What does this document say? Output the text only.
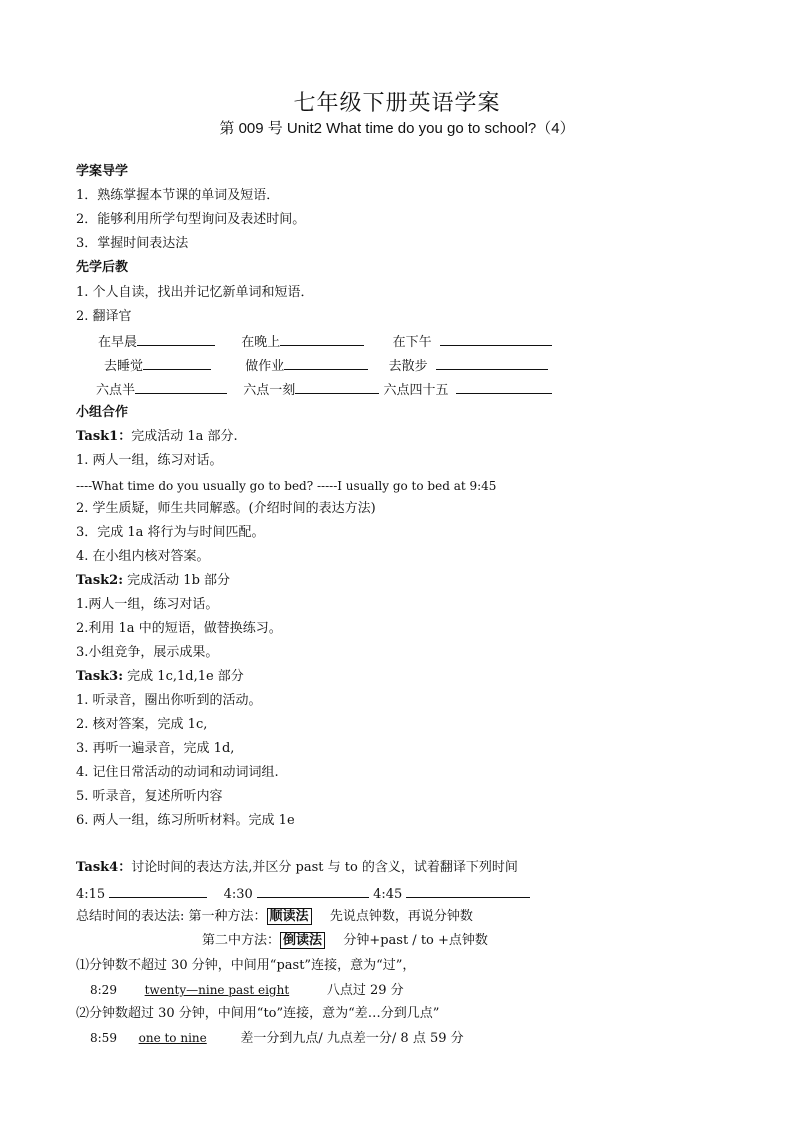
七年级下册英语学案
第 009 号 Unit2 What time do you go to school?（4）
学案导学
1．熟练掌握本节课的单词及短语．
2．能够利用所学句型询问及表述时间。
3．掌握时间表达法
先学后教
1. 个人自读，找出并记忆新单词和短语．
2. 翻译官
在早晨	在晚上	在下午
去睡觉	做作业	去散步
六点半	六点一刻	六点四十五
小组合作
Task1：完成活动 1a 部分.
1. 两人一组，练习对话。
----What time do you usually go to bed? -----I usually go to bed at 9:45
2. 学生质疑，师生共同解惑。(介绍时间的表达方法)
3．完成 1a 将行为与时间匹配。
4. 在小组内核对答案。
Task2: 完成活动 1b 部分
1.两人一组，练习对话。
2.利用 1a 中的短语，做替换练习。
3.小组竞争，展示成果。
Task3: 完成 1c,1d,1e 部分
1. 听录音，圈出你听到的活动。
2. 核对答案，完成 1c,
3. 再听一遍录音，完成 1d,
4. 记住日常活动的动词和动词词组.
5. 听录音，复述所听内容
6. 两人一组，练习所听材料。完成 1e
Task4：讨论时间的表达方法,并区分 past 与 to 的含义，试着翻译下列时间
4:15	4:30	4:45
总结时间的表达法: 第一种方法： 顺读法 先说点钟数，再说分钟数
第二中方法： 倒读法 分钟+past / to +点钟数
⑴分钟数不超过 30 分钟，中间用“past”连接，意为“过”，
8:29 twenty—nine past eight	八点过 29 分
⑵分钟数超过 30 分钟，中间用“to”连接，意为“差…分到几点”
8:59  one to nine	差一分到九点/ 九点差一分/ 8 点 59 分
